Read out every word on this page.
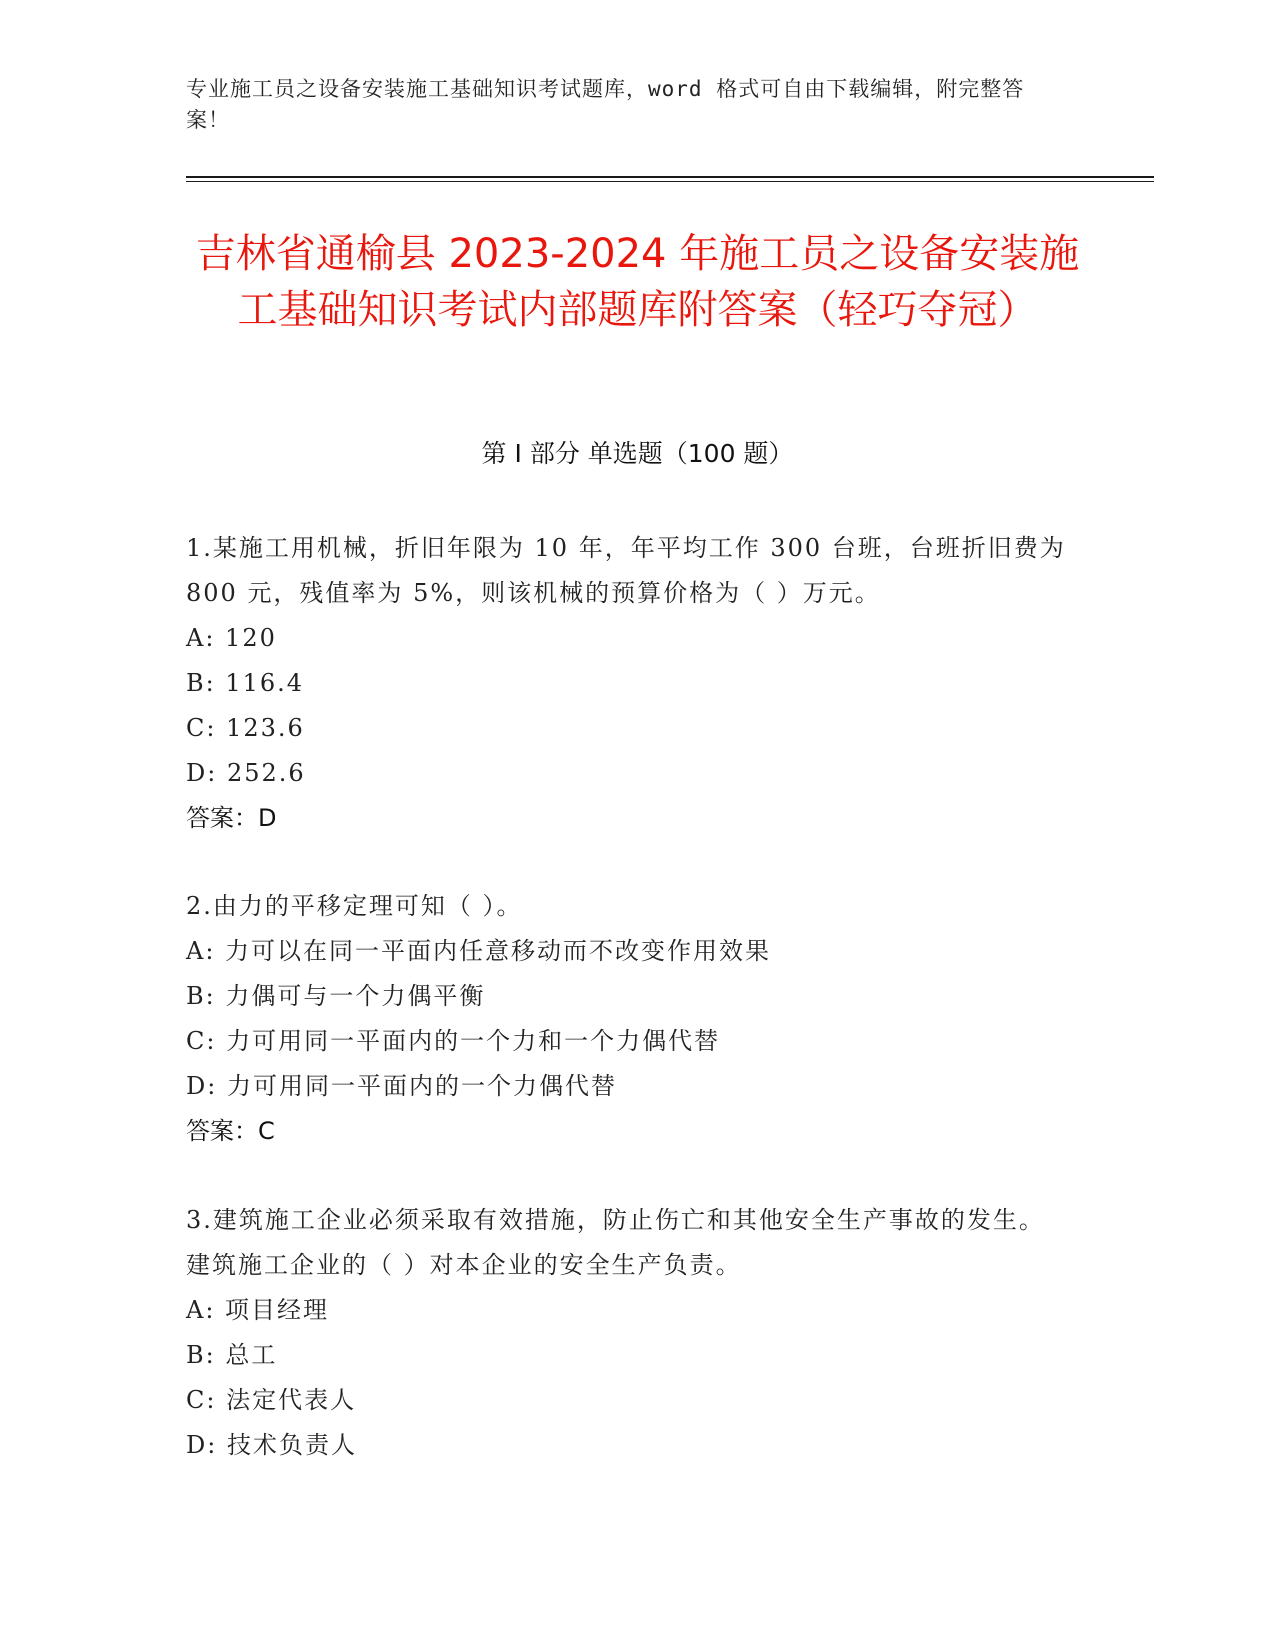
专业施工员之设备安装施工基础知识考试题库，word 格式可自由下载编辑，附完整答案！
吉林省通榆县 2023-2024 年施工员之设备安装施工基础知识考试内部题库附答案（轻巧夺冠）
第 I 部分 单选题（100 题）
1.某施工用机械，折旧年限为 10 年，年平均工作 300 台班，台班折旧费为 800 元，残值率为 5%，则该机械的预算价格为（ ）万元。
A: 120
B: 116.4
C: 123.6
D: 252.6
答案：D
2.由力的平移定理可知（ ）。
A: 力可以在同一平面内任意移动而不改变作用效果
B: 力偶可与一个力偶平衡
C: 力可用同一平面内的一个力和一个力偶代替
D: 力可用同一平面内的一个力偶代替
答案：C
3.建筑施工企业必须采取有效措施，防止伤亡和其他安全生产事故的发生。建筑施工企业的（ ）对本企业的安全生产负责。
A: 项目经理
B: 总工
C: 法定代表人
D: 技术负责人
